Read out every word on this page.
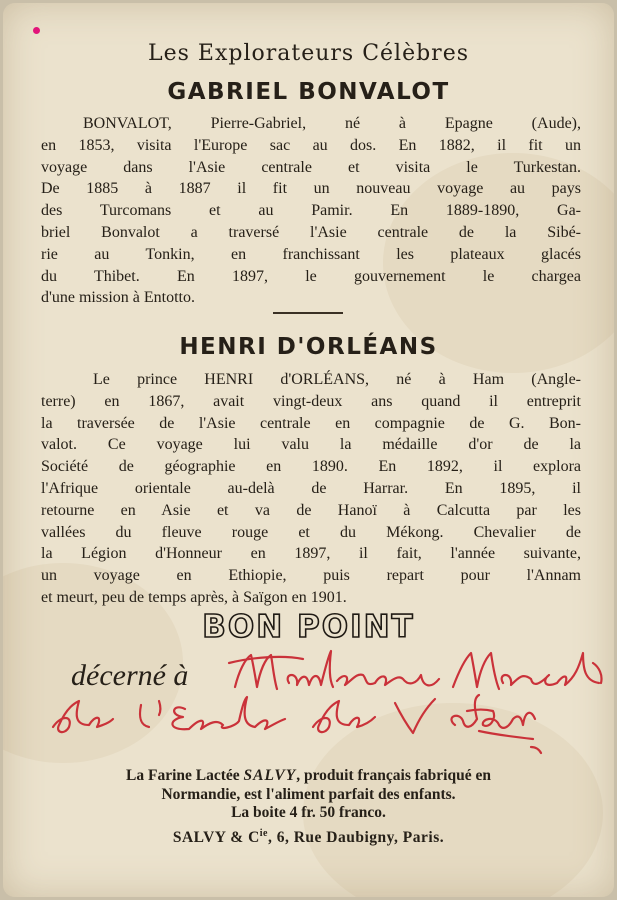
Les Explorateurs Célèbres
GABRIEL BONVALOT
BONVALOT, Pierre-Gabriel, né à Epagne (Aude),
en 1853, visita l'Europe sac au dos. En 1882, il fit un
voyage dans l'Asie centrale et visita le Turkestan.
De 1885 à 1887 il fit un nouveau voyage au pays
des Turcomans et au Pamir. En 1889-1890, Ga-
briel Bonvalot a traversé l'Asie centrale de la Sibé-
rie au Tonkin, en franchissant les plateaux glacés
du Thibet. En 1897, le gouvernement le chargea
d'une mission à Entotto.
HENRI D'ORLÉANS
Le prince HENRI d'ORLÉANS, né à Ham (Angle-
terre) en 1867, avait vingt-deux ans quand il entreprit
la traversée de l'Asie centrale en compagnie de G. Bon-
valot. Ce voyage lui valu la médaille d'or de la
Société de géographie en 1890. En 1892, il explora
l'Afrique orientale au-delà de Harrar. En 1895, il
retourne en Asie et va de Hanoï à Calcutta par les
vallées du fleuve rouge et du Mékong. Chevalier de
la Légion d'Honneur en 1897, il fait, l'année suivante,
un voyage en Ethiopie, puis repart pour l'Annam
et meurt, peu de temps après, à Saïgon en 1901.
BON POINT
décerné à
La Farine Lactée SALVY, produit français fabriqué en
Normandie, est l'aliment parfait des enfants.
La boite 4 fr. 50 franco.
SALVY & $C^{ie}$, 6, Rue Daubigny, Paris.
